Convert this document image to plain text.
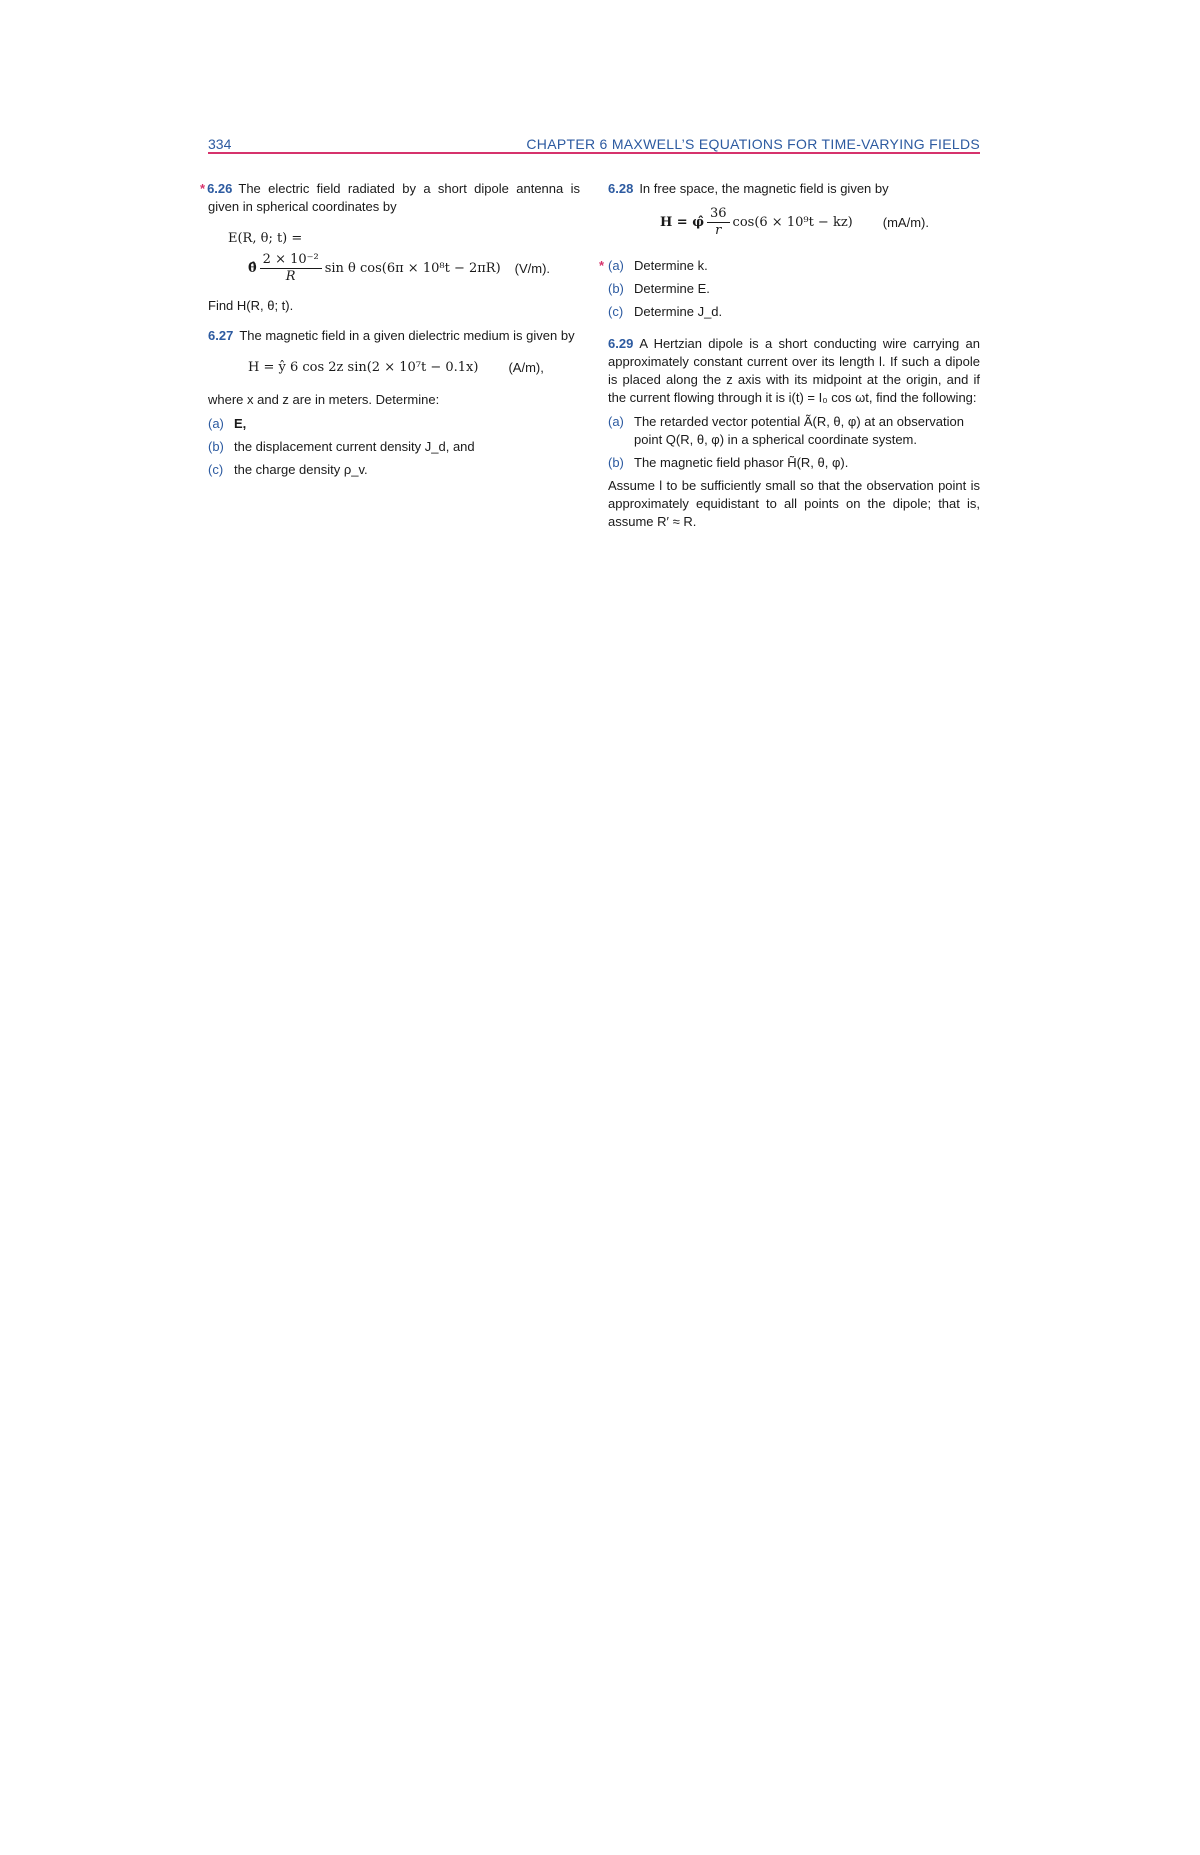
334	CHAPTER 6 MAXWELL’S EQUATIONS FOR TIME-VARYING FIELDS

* 6.26 The electric field radiated by a short dipole antenna is given in spherical coordinates by

E(R, θ; t) =
θ̂ $\frac{\text{2 × 10⁻²}}{R}$ sin θ cos(6π × 10⁸t − 2πR) (V/m).

Find H(R, θ; t).

6.27 The magnetic field in a given dielectric medium is given by

H = ŷ 6 cos 2z sin(2 × 10⁷t − 0.1x) (A/m),

where x and z are in meters. Determine:

(a) E,
(b) the displacement current density J_d, and
(c) the charge density ρ_v.

6.28 In free space, the magnetic field is given by

H = φ̂ $\frac{36}{r} \cos(6 \times 10^9t - kz)$ (mA/m).
* (a) Determine k.
(b) Determine E.
(c) Determine J_d.

6.29 A Hertzian dipole is a short conducting wire carrying an approximately constant current over its length l. If such a dipole is placed along the z axis with its midpoint at the origin, and if the current flowing through it is i(t) = I₀ cos ωt, find the following:

(a) The retarded vector potential Ã(R, θ, φ) at an observation point Q(R, θ, φ) in a spherical coordinate system.
(b) The magnetic field phasor H̃(R, θ, φ).

Assume l to be sufficiently small so that the observation point is approximately equidistant to all points on the dipole; that is, assume R′ ≈ R.
